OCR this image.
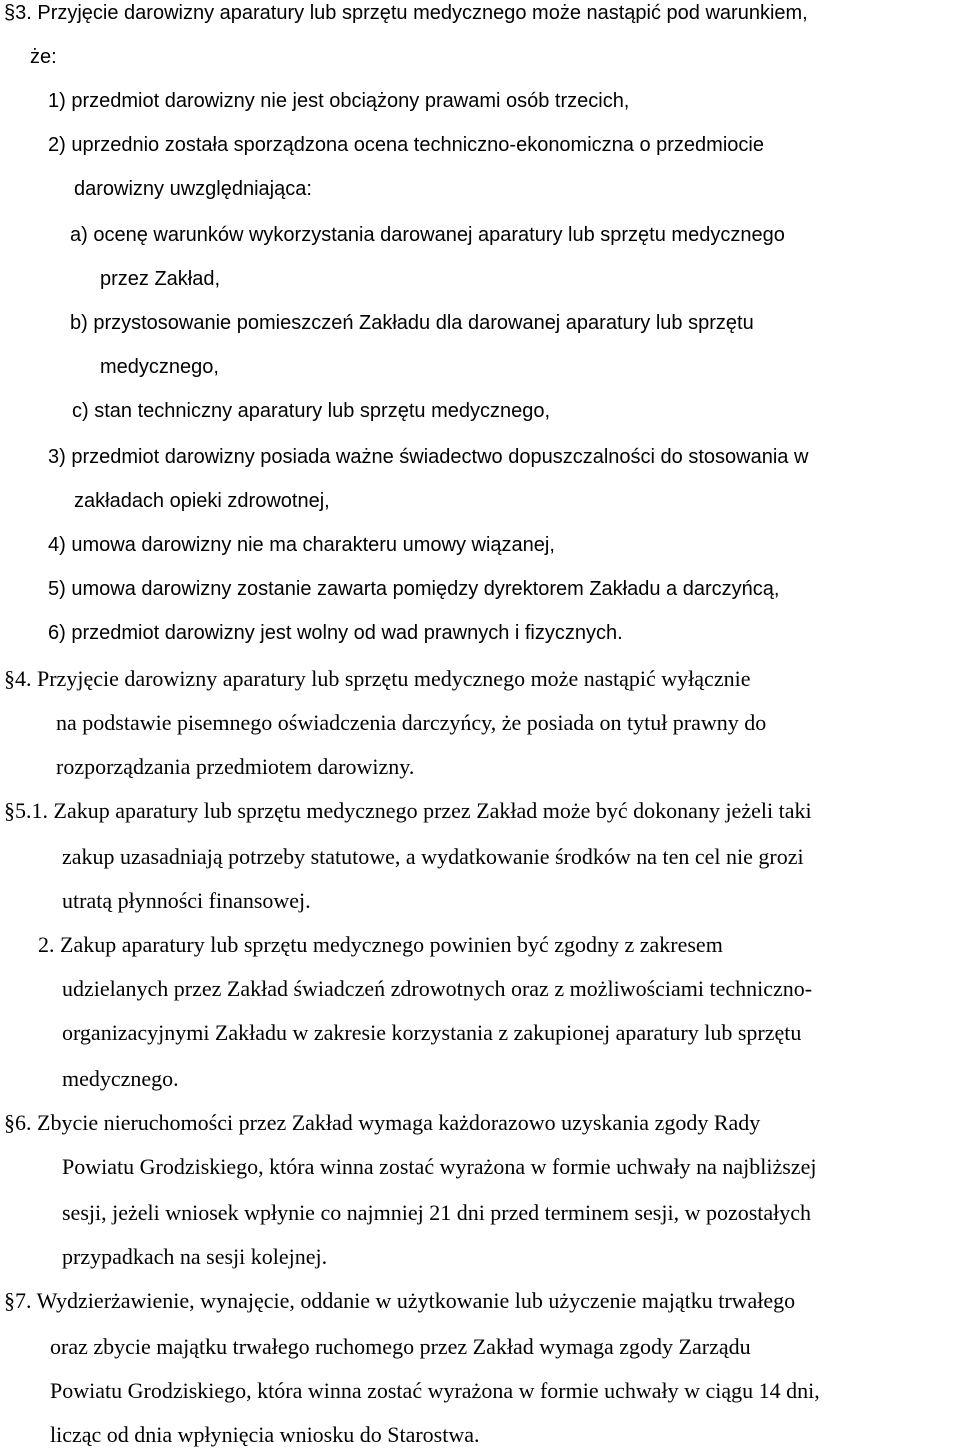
§3. Przyjęcie darowizny aparatury lub sprzętu medycznego może nastąpić pod warunkiem,
że:
1) przedmiot darowizny nie jest obciążony prawami osób trzecich,
2) uprzednio została sporządzona ocena techniczno-ekonomiczna o przedmiocie
darowizny uwzględniająca:
a) ocenę warunków wykorzystania darowanej aparatury lub sprzętu medycznego
przez Zakład,
b) przystosowanie pomieszczeń Zakładu dla darowanej aparatury lub sprzętu
medycznego,
c) stan techniczny aparatury lub sprzętu medycznego,
3) przedmiot darowizny posiada ważne świadectwo dopuszczalności do stosowania w
zakładach opieki zdrowotnej,
4) umowa darowizny nie ma charakteru umowy wiązanej,
5) umowa darowizny zostanie zawarta pomiędzy dyrektorem Zakładu a darczyńcą,
6) przedmiot darowizny jest wolny od wad prawnych i fizycznych.
§4. Przyjęcie darowizny aparatury lub sprzętu medycznego może nastąpić wyłącznie
na podstawie pisemnego oświadczenia darczyńcy, że posiada on tytuł prawny do
rozporządzania przedmiotem darowizny.
§5.1. Zakup aparatury lub sprzętu medycznego przez Zakład może być dokonany jeżeli taki
zakup uzasadniają potrzeby statutowe, a wydatkowanie środków na ten cel nie grozi
utratą płynności finansowej.
2. Zakup aparatury lub sprzętu medycznego powinien być zgodny z zakresem
udzielanych przez Zakład świadczeń zdrowotnych oraz z możliwościami techniczno-
organizacyjnymi Zakładu w zakresie korzystania z zakupionej aparatury lub sprzętu
medycznego.
§6. Zbycie nieruchomości przez Zakład wymaga każdorazowo uzyskania zgody Rady
Powiatu Grodziskiego, która winna zostać wyrażona w formie uchwały na najbliższej
sesji, jeżeli wniosek wpłynie co najmniej 21 dni przed terminem sesji, w pozostałych
przypadkach na sesji kolejnej.
§7. Wydzierżawienie, wynajęcie, oddanie w użytkowanie lub użyczenie majątku trwałego
oraz zbycie majątku trwałego ruchomego przez Zakład wymaga zgody Zarządu
Powiatu Grodziskiego, która winna zostać wyrażona w formie uchwały w ciągu 14 dni,
licząc od dnia wpłynięcia wniosku do Starostwa.
